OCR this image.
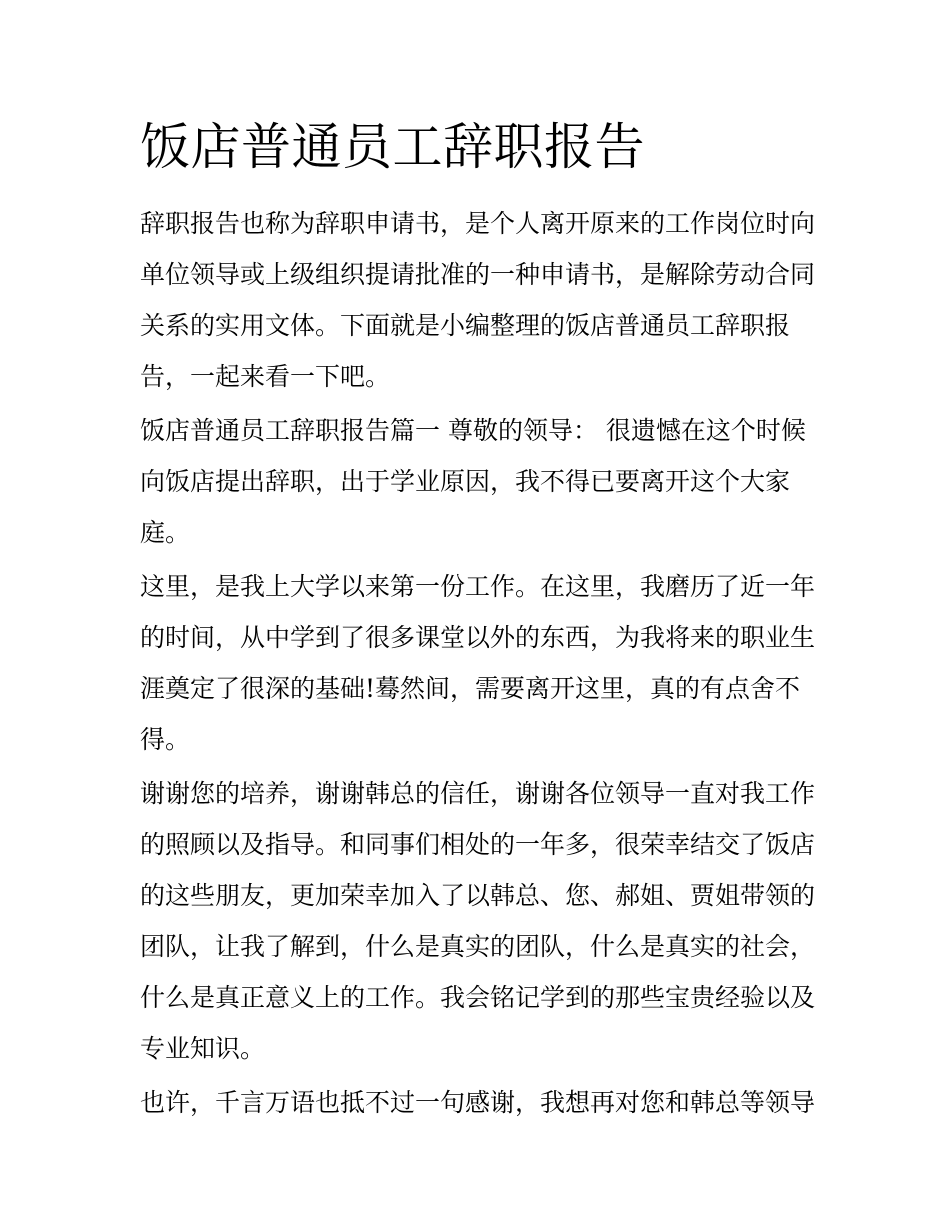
饭店普通员工辞职报告
辞职报告也称为辞职申请书，是个人离开原来的工作岗位时向
单位领导或上级组织提请批准的一种申请书，是解除劳动合同
关系的实用文体。下面就是小编整理的饭店普通员工辞职报
告，一起来看一下吧。
饭店普通员工辞职报告篇一 尊敬的领导： 很遗憾在这个时候
向饭店提出辞职，出于学业原因，我不得已要离开这个大家
庭。
这里，是我上大学以来第一份工作。在这里，我磨历了近一年
的时间，从中学到了很多课堂以外的东西，为我将来的职业生
涯奠定了很深的基础!蓦然间，需要离开这里，真的有点舍不
得。
谢谢您的培养，谢谢韩总的信任，谢谢各位领导一直对我工作
的照顾以及指导。和同事们相处的一年多，很荣幸结交了饭店
的这些朋友，更加荣幸加入了以韩总、您、郝姐、贾姐带领的
团队，让我了解到，什么是真实的团队，什么是真实的社会，
什么是真正意义上的工作。我会铭记学到的那些宝贵经验以及
专业知识。
也许，千言万语也抵不过一句感谢，我想再对您和韩总等领导
